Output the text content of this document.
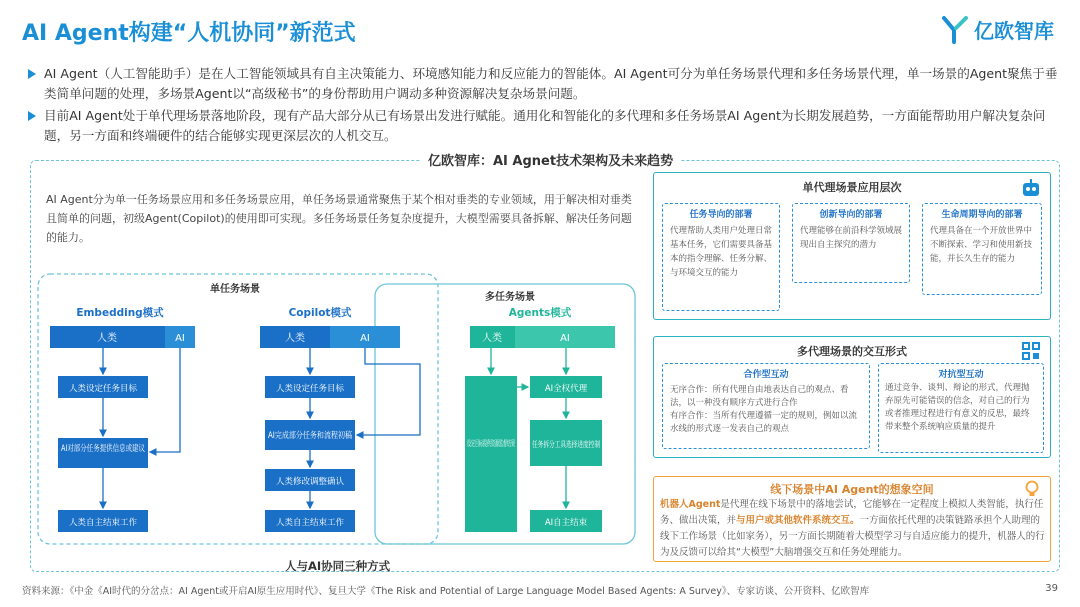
AI Agent构建“人机协同”新范式	亿欧智库
AI Agent（人工智能助手）是在人工智能领域具有自主决策能力、环境感知能力和反应能力的智能体。AI Agent可分为单任务场景代理和多任务场景代理，单一场景的Agent聚焦于垂类简单问题的处理，多场景Agent以“高级秘书”的身份帮助用户调动多种资源解决复杂场景问题。
目前AI Agent处于单代理场景落地阶段，现有产品大部分从已有场景出发进行赋能。通用化和智能化的多代理和多任务场景AI Agent为长期发展趋势，一方面能帮助用户解决复杂问题，另一方面和终端硬件的结合能够实现更深层次的人机交互。
亿欧智库：AI Agnet技术架构及未来趋势
AI Agent分为单一任务场景应用和多任务场景应用，单任务场景通常聚焦于某个相对垂类的专业领域，用于解决相对垂类且简单的问题，初级Agent(Copilot)的使用即可实现。多任务场景任务复杂度提升，大模型需要具备拆解、解决任务问题的能力。
单任务场景
多任务场景
Embedding模式
人类	AI
人类设定任务目标
AI对部分任务提供信息或建议
人类自主结束工作
Copilot模式
人类	AI
人类设定任务目标
AI完成部分任务和流程初稿
人类修改调整确认
人类自主结束工作
Agents模式
人类	AI
AI全权代理
任务拆分工具选择进度控制
AI自主结束
人与AI协同三种方式
单代理场景应用层次
任务导向的部署
代理帮助人类用户处理日常基本任务，它们需要具备基本的指令理解、任务分解、与环境交互的能力
创新导向的部署
代理能够在前沿科学领域展现出自主探究的潜力
生命周期导向的部署
代理具备在一个开放世界中不断探索、学习和使用新技能，并长久生存的能力
多代理场景的交互形式
合作型互动
无序合作：所有代理自由地表达自己的观点、看法，以一种没有顺序方式进行合作
有序合作：当所有代理遵循一定的规则，例如以流水线的形式逐一发表自己的观点
对抗型互动
通过竞争、谈判、辩论的形式，代理抛弃原先可能错误的信念，对自己的行为或者推理过程进行有意义的反思，最终带来整个系统响应质量的提升
线下场景中AI Agent的想象空间
机器人Agent是代理在线下场景中的落地尝试，它能够在一定程度上模拟人类智能，执行任务、做出决策，并与用户或其他软件系统交互。一方面依托代理的决策链路承担个人助理的线下工作场景（比如家务），另一方面长期随着大模型学习与自适应能力的提升，机器人的行为及反馈可以给其“大模型”大脑增强交互和任务处理能力。
资料来源：《中金《AI时代的分岔点：AI Agent或开启AI原生应用时代》、复旦大学《The Risk and Potential of Large Language Model Based Agents: A Survey》、专家访谈、公开资料、亿欧智库	39
